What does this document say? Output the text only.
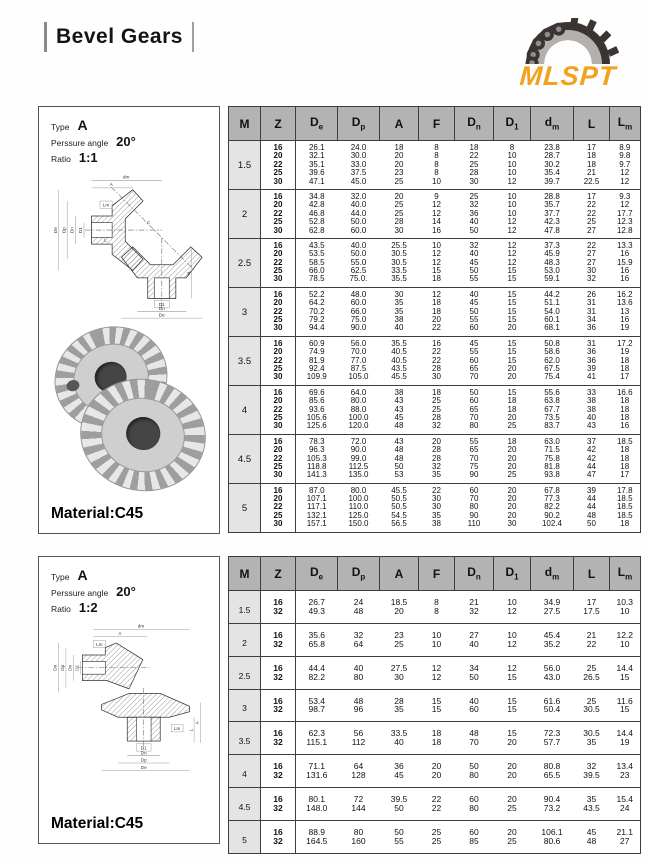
Bevel Gears
MLSPT
Type A
Perssure angle 20°
Ratio 1:1
dm
A
Lm
De Dp Dn D1
L
F
A
D1
Dn
De
Material:C45
M	Z	$D_e$	$D_p$	A	F	$D_n$	$D_1$	$d_m$	L	$L_m$
1.5	16	26.1	24.0	18	8	18	8	23.8	17	8.9
	20	32.1	30.0	20	8	22	10	28.7	18	9.8
	22	35.1	33.0	20	8	25	10	30.2	18	9.7
	25	39.6	37.5	23	8	28	10	35.4	21	12
	30	47.1	45.0	25	10	30	12	39.7	22.5	12
2	16	34.8	32.0	20	9	25	10	28.8	17	9.3
	20	42.8	40.0	25	12	32	10	35.7	22	12
	22	46.8	44.0	25	12	36	10	37.7	22	17.7
	25	52.8	50.0	28	14	40	12	42.3	25	12.3
	30	62.8	60.0	30	16	50	12	47.8	27	12.8
2.5	16	43.5	40.0	25.5	10	32	12	37.3	22	13.3
	20	53.5	50.0	30.5	12	40	12	45.9	27	16
	22	58.5	55.0	30.5	12	45	12	48.3	27	15.9
	25	66.0	62.5	33.5	15	50	15	53.0	30	16
	30	78.5	75.0.	35.5	18	55	15	59.1	32	16
3	16	52.2	48.0	30	12	40	15	44.2	26	16.2
	20	64.2	60.0	35	18	45	15	51.1	31	13.6
	22	70.2	66.0	35	18	50	15	54.0	31	13
	25	79.2	75.0	38	20	55	15	60.1	34	16
	30	94.4	90.0	40	22	60	20	68.1	36	19
3.5	16	60.9	56.0	35.5	16	45	15	50.8	31	17.2
	20	74.9	70.0	40.5	22	55	15	58.6	36	19
	22	81.9	77.0	40.5	22	60	15	62.0	36	18
	25	92.4	87.5	43.5	28	65	20	67.5	39	18
	30	109.9	105.0	45.5	30	70	20	75.4	41	17
4	16	69.6	64.0	38	18	50	15	55.6	33	16.6
	20	85.6	80.0	43	25	60	18	63.8	38	18
	22	93.6	88.0	43	25	65	18	67.7	38	18
	25	105.6	100.0	45	28	70	20	73.5	40	18
	30	125.6	120.0	48	32	80	25	83.7	43	16
4.5	16	78.3	72.0	43	20	55	18	63.0	37	18.5
	20	96.3	90.0	48	28	65	20	71.5	42	18
	22	105.3	99.0	48	28	70	20	75.8	42	18
	25	118.8	112.5	50	32	75	20	81.8	44	18
	30	141.3	135.0	53	35	90	25	93.8	47	17
5	16	87.0	80.0	45.5	22	60	20	67.8	39	17.8
	20	107.1	100.0	50.5	30	70	20	77.3	44	18.5
	22	117.1	110.0	50.5	30	80	20	82.2	44	18.5
	25	132.1	125.0	54.5	35	90	20	90.2	48	18.5
	30	157.1	150.0	56.5	38	110	30	102.4	50	18
Type A
Perssure angle 20°
Ratio 1:2
dm
A
Lm
De Dp Dn D1
Lm L
A
D1
Dn
Dp
De
Material:C45
M	Z	$D_e$	$D_p$	A	F	$D_n$	$D_1$	$d_m$	L	$L_m$
1.5	16	26.7	24	18.5	8	21	10	34.9	17	10.3
	32	49.3	48	20	8	32	12	27.5	17.5	10
2	16	35.6	32	23	10	27	10	45.4	21	12.2
	32	65.8	64	25	10	40	12	35.2	22	10
2.5	16	44.4	40	27.5	12	34	12	56.0	25	14.4
	32	82.2	80	30	12	50	15	43.0	26.5	15
3	16	53.4	48	28	15	40	15	61.6	25	11.6
	32	98.7	96	35	15	60	15	50.4	30.5	15
3.5	16	62.3	56	33.5	18	48	15	72.3	30.5	14.4
	32	115.1	112	40	18	70	20	57.7	35	19
4	16	71.1	64	36	20	50	20	80.8	32	13.4
	32	131.6	128	45	20	80	20	65.5	39.5	23
4.5	16	80.1	72	39.5	22	60	20	90.4	35	15.4
	32	148.0	144	50	22	80	25	73.2	43.5	24
5	16	88.9	80	50	25	60	20	106.1	45	21.1
	32	164.5	160	55	25	85	25	80.6	48	27
